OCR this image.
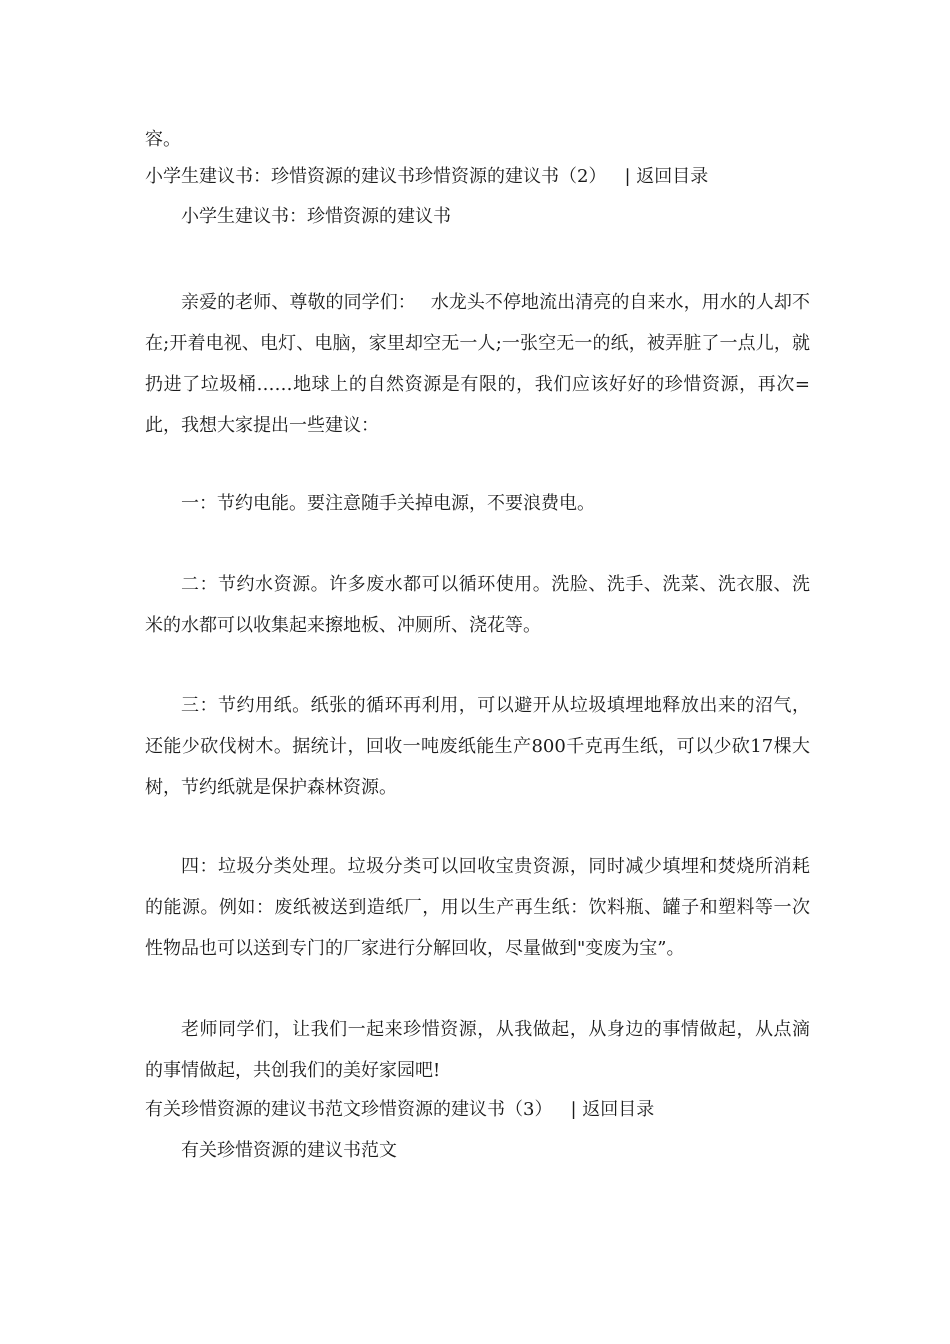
容。
小学生建议书：珍惜资源的建议书珍惜资源的建议书（2） | 返回目录
小学生建议书：珍惜资源的建议书
亲爱的老师、尊敬的同学们：　 水龙头不停地流出清亮的自来水，用水的人却不在;开着电视、电灯、电脑，家里却空无一人;一张空无一的纸，被弄脏了一点儿，就扔进了垃圾桶……地球上的自然资源是有限的，我们应该好好的珍惜资源，再次=此，我想大家提出一些建议：
一：节约电能。要注意随手关掉电源，不要浪费电。
二：节约水资源。许多废水都可以循环使用。洗脸、洗手、洗菜、洗衣服、洗米的水都可以收集起来擦地板、冲厕所、浇花等。
三：节约用纸。纸张的循环再利用，可以避开从垃圾填埋地释放出来的沼气，还能少砍伐树木。据统计，回收一吨废纸能生产800千克再生纸，可以少砍17棵大树，节约纸就是保护森林资源。
四：垃圾分类处理。垃圾分类可以回收宝贵资源，同时减少填埋和焚烧所消耗的能源。例如：废纸被送到造纸厂，用以生产再生纸：饮料瓶、罐子和塑料等一次性物品也可以送到专门的厂家进行分解回收，尽量做到"变废为宝”。
老师同学们，让我们一起来珍惜资源，从我做起，从身边的事情做起，从点滴的事情做起，共创我们的美好家园吧!
有关珍惜资源的建议书范文珍惜资源的建议书（3） | 返回目录
有关珍惜资源的建议书范文
